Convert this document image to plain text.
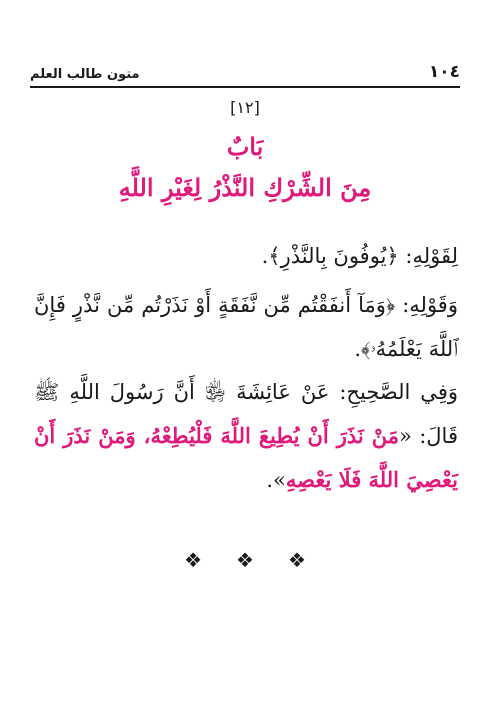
١٠٤
متون طالب العلم
[١٢]
بَابٌ
مِنَ الشِّرْكِ النَّذْرُ لِغَيْرِ اللَّهِ
لِقَوْلِهِ: ﴿يُوفُونَ بِالنَّذْرِ﴾.
وَقَوْلِهِ: ﴿وَمَآ أَنفَقْتُم مِّن نَّفَقَةٍ أَوْ نَذَرْتُم مِّن نَّذْرٍ فَإِنَّ ٱللَّهَ يَعْلَمُهُۥ﴾.
وَفِي الصَّحِيحِ: عَنْ عَائِشَةَ ﵂ أَنَّ رَسُولَ اللَّهِ ﷺ قَالَ: «مَنْ نَذَرَ أَنْ يُطِيعَ اللَّهَ فَلْيُطِعْهُ، وَمَنْ نَذَرَ أَنْ يَعْصِيَ اللَّهَ فَلَا يَعْصِهِ».
❖
❖
❖
